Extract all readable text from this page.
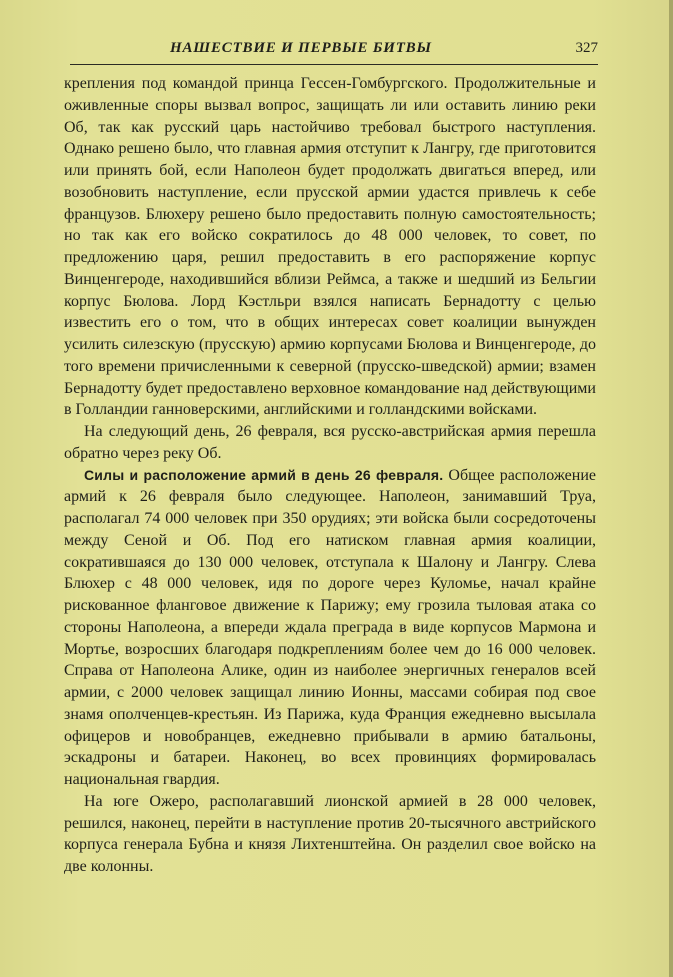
НАШЕСТВИЕ И ПЕРВЫЕ БИТВЫ	327

крепления под командой принца Гессен-Гомбургского. Продолжительные и оживленные споры вызвал вопрос, защищать ли или оставить линию реки Об, так как русский царь настойчиво требовал быстрого наступления. Однако решено было, что главная армия отступит к Лангру, где приготовится или принять бой, если Наполеон будет продолжать двигаться вперед, или возобновить наступление, если прусской армии удастся привлечь к себе французов. Блюхеру решено было предоставить полную самостоятельность; но так как его войско сократилось до 48 000 человек, то совет, по предложению царя, решил предоставить в его распоряжение корпус Винценгероде, находившийся вблизи Реймса, а также и шедший из Бельгии корпус Бюлова. Лорд Кэстльри взялся написать Бернадотту с целью известить его о том, что в общих интересах совет коалиции вынужден усилить силезскую (прусскую) армию корпусами Бюлова и Винценгероде, до того времени причисленными к северной (прусско-шведской) армии; взамен Бернадотту будет предоставлено верховное командование над действующими в Голландии ганноверскими, английскими и голландскими войсками.

На следующий день, 26 февраля, вся русско-австрийская армия перешла обратно через реку Об.

Силы и расположение армий в день 26 февраля. Общее расположение армий к 26 февраля было следующее. Наполеон, занимавший Труа, располагал 74 000 человек при 350 орудиях; эти войска были сосредоточены между Сеной и Об. Под его натиском главная армия коалиции, сократившаяся до 130 000 человек, отступала к Шалону и Лангру. Слева Блюхер с 48 000 человек, идя по дороге через Куломье, начал крайне рискованное фланговое движение к Парижу; ему грозила тыловая атака со стороны Наполеона, а впереди ждала преграда в виде корпусов Мармона и Мортье, возросших благодаря подкреплениям более чем до 16 000 человек. Справа от Наполеона Алике, один из наиболее энергичных генералов всей армии, с 2000 человек защищал линию Ионны, массами собирая под свое знамя ополченцев-крестьян. Из Парижа, куда Франция ежедневно высылала офицеров и новобранцев, ежедневно прибывали в армию батальоны, эскадроны и батареи. Наконец, во всех провинциях формировалась национальная гвардия.

На юге Ожеро, располагавший лионской армией в 28 000 человек, решился, наконец, перейти в наступление против 20-тысячного австрийского корпуса генерала Бубна и князя Лихтенштейна. Он разделил свое войско на две колонны.
